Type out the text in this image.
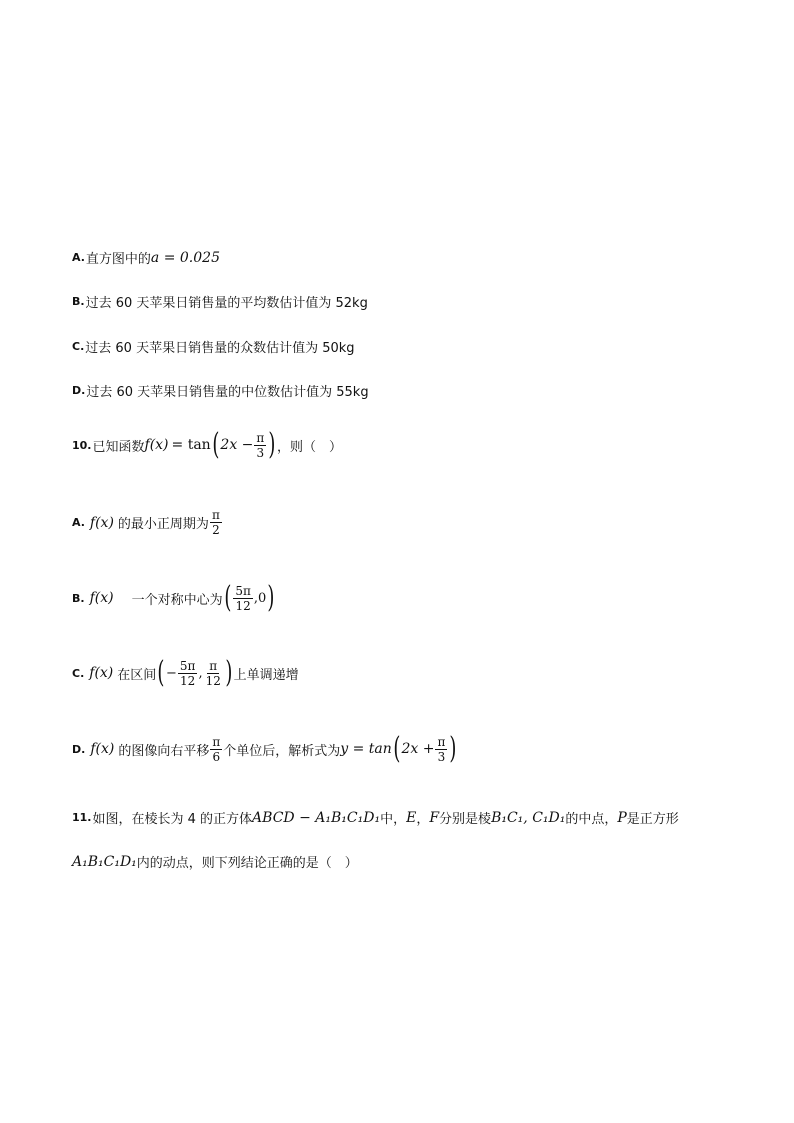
A. 直方图中的 a = 0.025
B. 过去 60 天苹果日销售量的平均数估计值为 52kg
C. 过去 60 天苹果日销售量的众数估计值为 50kg
D. 过去 60 天苹果日销售量的中位数估计值为 55kg
10. 已知函数 f(x) = tan ( $2x - \frac{\pi}{3}$ ) ，则（　）
A. f(x) 的最小正周期为 $\frac{\pi}{2}$
B. f(x) 一个对称中心为 ( $\frac{5\pi}{12} ,0$ )
C. f(x) 在区间 ( − $\frac{5\pi}{12}$ , $\frac{\pi}{12}$ ) 上单调递增
D. f(x) 的图像向右平移 $\frac{\pi}{6}$ 个单位后，解析式为 y = tan ( $2x + \frac{\pi}{3}$ )
11. 如图，在棱长为 4 的正方体 ABCD − A₁B₁C₁D₁ 中， E ， F 分别是棱 B₁C₁, C₁D₁ 的中点， P 是正方形
A₁B₁C₁D₁ 内的动点，则下列结论正确的是（　）
